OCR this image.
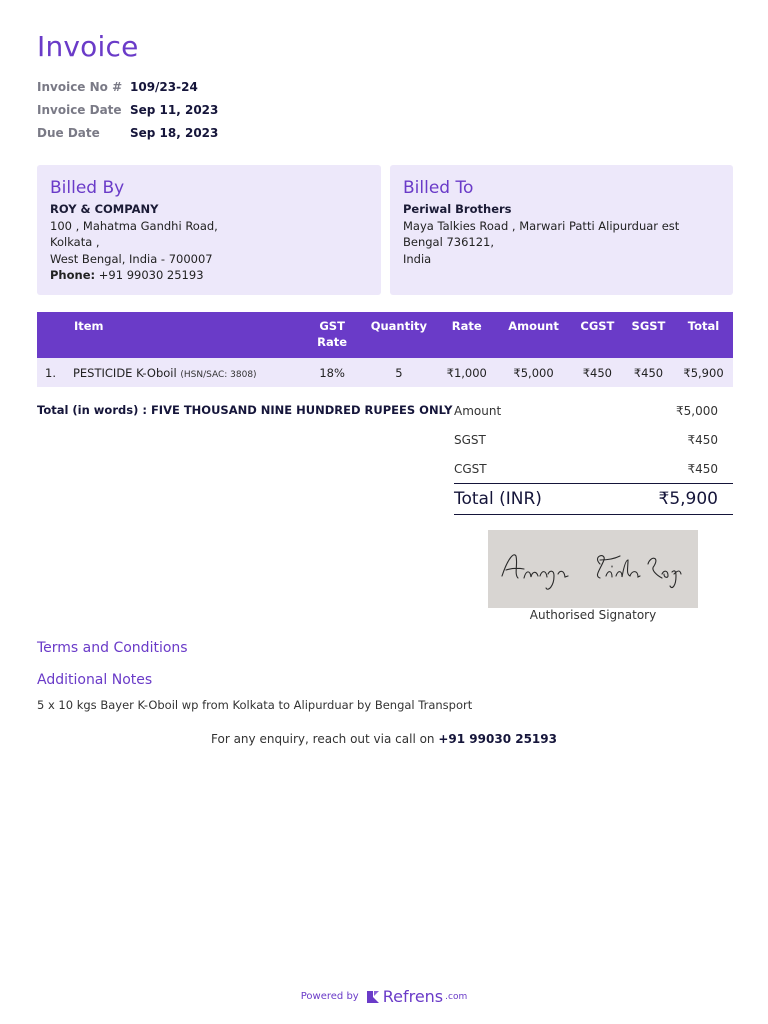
Invoice
Invoice No # 109/23-24
Invoice Date Sep 11, 2023
Due Date	Sep 18, 2023
Billed By
ROY & COMPANY
100 , Mahatma Gandhi Road,
Kolkata ,
West Bengal, India - 700007
Phone: +91 99030 25193
Billed To
Periwal Brothers
Maya Talkies Road , Marwari Patti Alipurduar est
Bengal 736121,
India
	Item	GST
Rate	Quantity	Rate	Amount	CGST	SGST	Total
1.	PESTICIDE K-Oboil (HSN/SAC: 3808)	18%	5	₹1,000	₹5,000	₹450	₹450	₹5,900
Total (in words) : FIVE THOUSAND NINE HUNDRED RUPEES ONLY Amount	₹5,000
SGST	₹450
CGST	₹450
Total (INR)	₹5,900
Authorised Signatory
Terms and Conditions
Additional Notes
5 x 10 kgs Bayer K-Oboil wp from Kolkata to Alipurduar by Bengal Transport
For any enquiry, reach out via call on +91 99030 25193
Powered by Refrens .com
